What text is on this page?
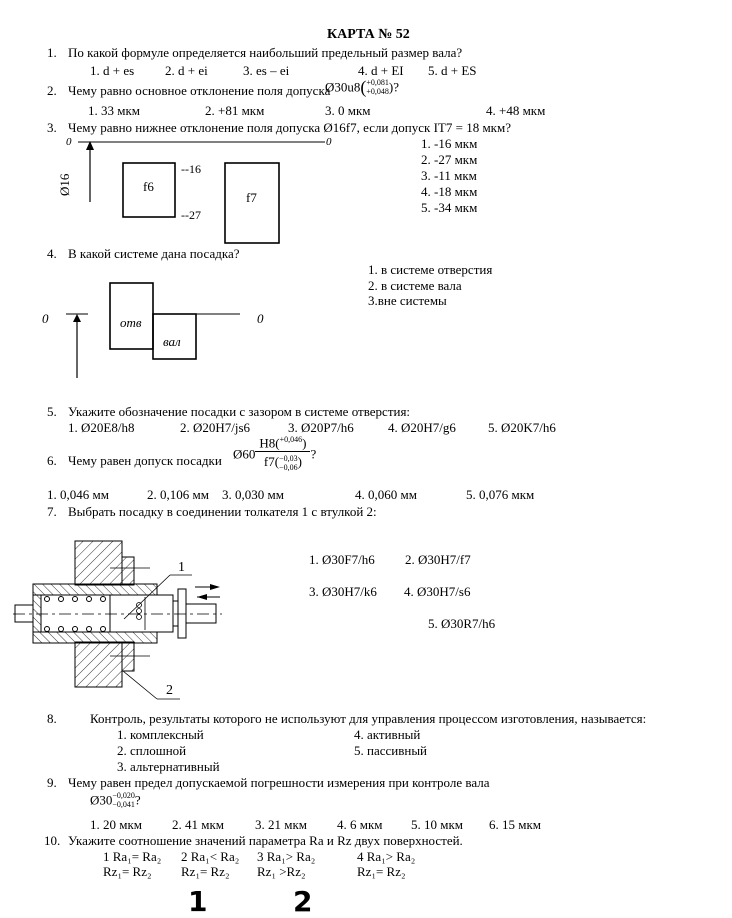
КАРТА № 52
1. По какой формуле определяется наибольший предельный размер вала?
1. d + es 2. d + ei	3. es – ei	4. d + EI 5. d + ES
2. Чему равно основное отклонение поля допуска
Ø30u8( +0,081
+0,048 )?
1. 33 мкм	2. +81 мкм	3. 0 мкм	4. +48 мкм
3. Чему равно нижнее отклонение поля допуска Ø16f7, если допуск IT7 = 18 мкм?
0	0
Ø16	f6
f7
--16
--27
1. -16 мкм
2. -27 мкм
3. -11 мкм
4. -18 мкм
5. -34 мкм
4. В какой системе дана посадка?
0	0
отв
вал
1. в системе отверстия
2. в системе вала
3.вне системы
5. Укажите обозначение посадки с зазором в системе отверстия:
1. Ø20E8/h8	2. Ø20H7/js6	3. Ø20P7/h6	4. Ø20H7/g6 5. Ø20K7/h6
6. Чему равен допуск посадки Ø60 H8($^{+0,046}$)
f7( −0,03
−0,06 ) ?
1. 0,046 мм	2. 0,106 мм 3. 0,030 мм	4. 0,060 мм	5. 0,076 мкм
7. Выбрать посадку в соединении толкателя 1 с втулкой 2:
1
2
1. Ø30F7/h6 2. Ø30H7/f7
3. Ø30H7/k6 4. Ø30H7/s6
5. Ø30R7/h6
8.	Контроль, результаты которого не используют для управления процессом изготовления, называется:
1. комплексный
2. сплошной
3. альтернативный
4. активный
5. пассивный
9. Чему равен предел допускаемой погрешности измерения при контроле вала
Ø30 −0,020
−0,041 ?
1. 20 мкм 2. 41 мкм 3. 21 мкм 4. 6 мкм 5. 10 мкм 6. 15 мкм
10. Укажите соотношение значений параметра Ra и Rz двух поверхностей.
1 Ra₁= Ra₂
Rz₁= Rz₂
2 Ra₁< Ra₂
Rz₁= Rz₂
3 Ra₁> Ra₂
Rz₁ >Rz₂
4 Ra₁> Ra₂
Rz₁= Rz₂
1	2
